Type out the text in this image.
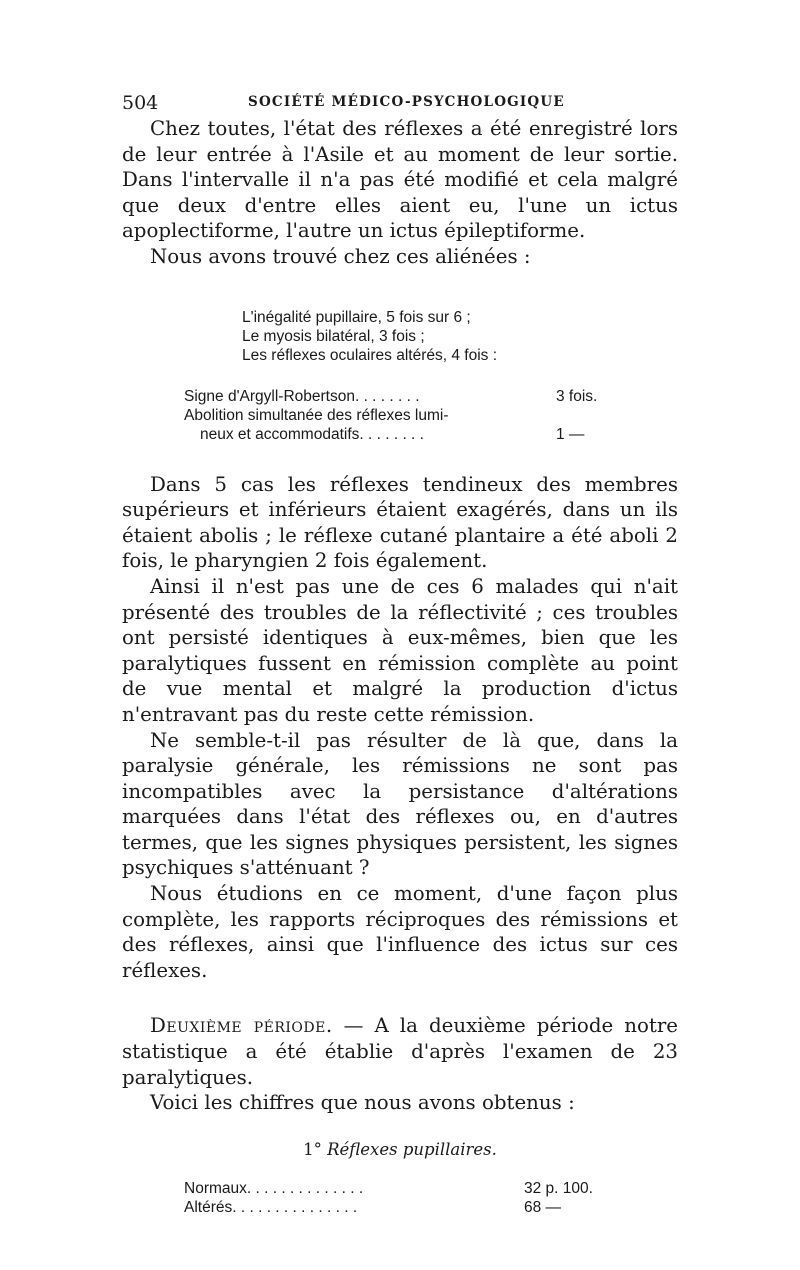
504	SOCIÉTÉ MÉDICO-PSYCHOLOGIQUE

Chez toutes, l'état des réflexes a été enregistré lors de leur entrée à l'Asile et au moment de leur sortie. Dans l'intervalle il n'a pas été modifié et cela malgré que deux d'entre elles aient eu, l'une un ictus apoplectiforme, l'autre un ictus épileptiforme.

Nous avons trouvé chez ces aliénées :

L'inégalité pupillaire, 5 fois sur 6 ;
Le myosis bilatéral, 3 fois ;
Les réflexes oculaires altérés, 4 fois :
Signe d'Argyll-Robertson. . . . . . . .	3 fois.
Abolition simultanée des réflexes lumi-
neux et accommodatifs. . . . . . . .	1 —

Dans 5 cas les réflexes tendineux des membres supérieurs et inférieurs étaient exagérés, dans un ils étaient abolis ; le réflexe cutané plantaire a été aboli 2 fois, le pharyngien 2 fois également.

Ainsi il n'est pas une de ces 6 malades qui n'ait présenté des troubles de la réflectivité ; ces troubles ont persisté identiques à eux-mêmes, bien que les paralytiques fussent en rémission complète au point de vue mental et malgré la production d'ictus n'entravant pas du reste cette rémission.

Ne semble-t-il pas résulter de là que, dans la paralysie générale, les rémissions ne sont pas incompatibles avec la persistance d'altérations marquées dans l'état des réflexes ou, en d'autres termes, que les signes physiques persistent, les signes psychiques s'atténuant ?

Nous étudions en ce moment, d'une façon plus complète, les rapports réciproques des rémissions et des réflexes, ainsi que l'influence des ictus sur ces réflexes.

Deuxième période. — A la deuxième période notre statistique a été établie d'après l'examen de 23 paralytiques.

Voici les chiffres que nous avons obtenus :

1° Réflexes pupillaires.
Normaux. . . . . . . . . . . . . .	32 p. 100.
Altérés. . . . . . . . . . . . . . .	68 —
